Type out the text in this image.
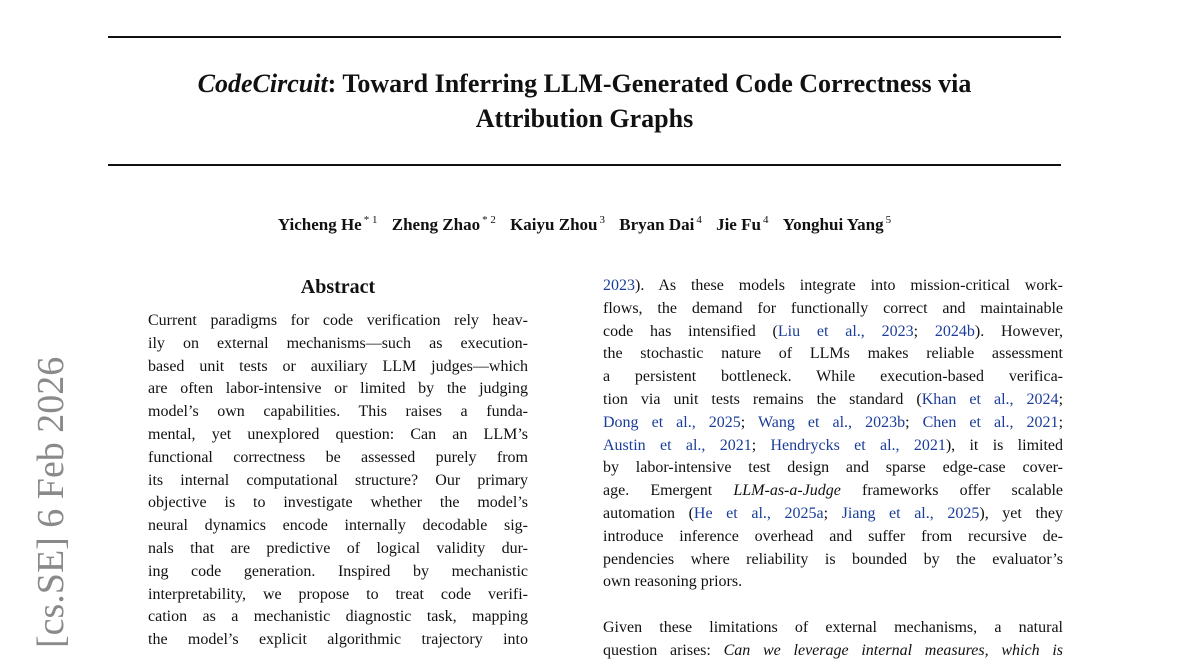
CodeCircuit: Toward Inferring LLM-Generated Code Correctness via
Attribution Graphs
Yicheng He $^{* 1}$ Zheng Zhao $^{* 2}$ Kaiyu Zhou $^3$ Bryan Dai $^4$ Jie Fu $^4$ Yonghui Yang $^5$
[cs.SE] 6 Feb 2026
Abstract
Current paradigms for code verification rely heav-
ily on external mechanisms—such as execution-
based unit tests or auxiliary LLM judges—which
are often labor-intensive or limited by the judging
model’s own capabilities. This raises a funda-
mental, yet unexplored question: Can an LLM’s
functional correctness be assessed purely from
its internal computational structure? Our primary
objective is to investigate whether the model’s
neural dynamics encode internally decodable sig-
nals that are predictive of logical validity dur-
ing code generation. Inspired by mechanistic
interpretability, we propose to treat code verifi-
cation as a mechanistic diagnostic task, mapping
the model’s explicit algorithmic trajectory into
2023). As these models integrate into mission-critical work-
flows, the demand for functionally correct and maintainable
code has intensified (Liu et al., 2023; 2024b). However,
the stochastic nature of LLMs makes reliable assessment
a persistent bottleneck. While execution-based verifica-
tion via unit tests remains the standard (Khan et al., 2024;
Dong et al., 2025; Wang et al., 2023b; Chen et al., 2021;
Austin et al., 2021; Hendrycks et al., 2021), it is limited
by labor-intensive test design and sparse edge-case cover-
age. Emergent LLM-as-a-Judge frameworks offer scalable
automation (He et al., 2025a; Jiang et al., 2025), yet they
introduce inference overhead and suffer from recursive de-
pendencies where reliability is bounded by the evaluator’s
own reasoning priors.
Given these limitations of external mechanisms, a natural
question arises: Can we leverage internal measures, which is
